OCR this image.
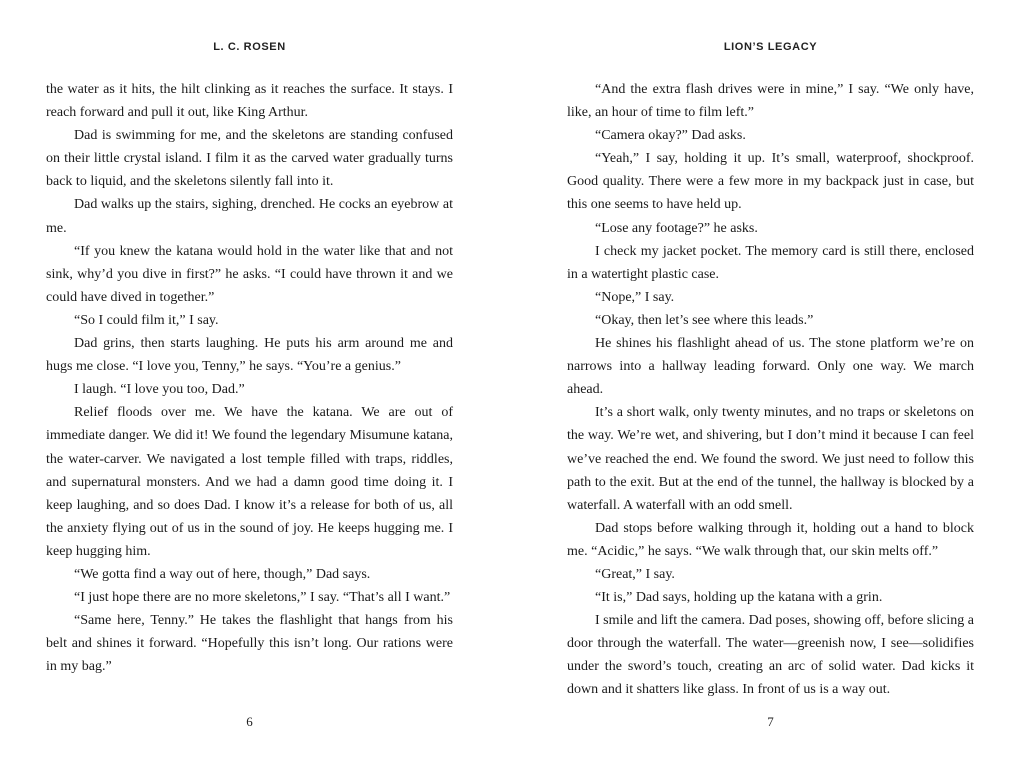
L. C. ROSEN

the water as it hits, the hilt clinking as it reaches the surface. It stays. I reach forward and pull it out, like King Arthur.

Dad is swimming for me, and the skeletons are standing confused on their little crystal island. I film it as the carved water gradually turns back to liquid, and the skeletons silently fall into it.

Dad walks up the stairs, sighing, drenched. He cocks an eyebrow at me.

“If you knew the katana would hold in the water like that and not sink, why’d you dive in first?” he asks. “I could have thrown it and we could have dived in together.”

“So I could film it,” I say.

Dad grins, then starts laughing. He puts his arm around me and hugs me close. “I love you, Tenny,” he says. “You’re a genius.”

I laugh. “I love you too, Dad.”

Relief floods over me. We have the katana. We are out of immediate danger. We did it! We found the legendary Misumune katana, the water-carver. We navigated a lost temple filled with traps, riddles, and supernatural monsters. And we had a damn good time doing it. I keep laughing, and so does Dad. I know it’s a release for both of us, all the anxiety flying out of us in the sound of joy. He keeps hugging me. I keep hugging him.

“We gotta find a way out of here, though,” Dad says.

“I just hope there are no more skeletons,” I say. “That’s all I want.”

“Same here, Tenny.” He takes the flashlight that hangs from his belt and shines it forward. “Hopefully this isn’t long. Our rations were in my bag.”

6
LION’S LEGACY

“And the extra flash drives were in mine,” I say. “We only have, like, an hour of time to film left.”

“Camera okay?” Dad asks.

“Yeah,” I say, holding it up. It’s small, waterproof, shockproof. Good quality. There were a few more in my backpack just in case, but this one seems to have held up.

“Lose any footage?” he asks.

I check my jacket pocket. The memory card is still there, enclosed in a watertight plastic case.

“Nope,” I say.

“Okay, then let’s see where this leads.”

He shines his flashlight ahead of us. The stone platform we’re on narrows into a hallway leading forward. Only one way. We march ahead.

It’s a short walk, only twenty minutes, and no traps or skeletons on the way. We’re wet, and shivering, but I don’t mind it because I can feel we’ve reached the end. We found the sword. We just need to follow this path to the exit. But at the end of the tunnel, the hallway is blocked by a waterfall. A waterfall with an odd smell.

Dad stops before walking through it, holding out a hand to block me. “Acidic,” he says. “We walk through that, our skin melts off.”

“Great,” I say.

“It is,” Dad says, holding up the katana with a grin.

I smile and lift the camera. Dad poses, showing off, before slicing a door through the waterfall. The water—greenish now, I see—solidifies under the sword’s touch, creating an arc of solid water. Dad kicks it down and it shatters like glass. In front of us is a way out.

7
